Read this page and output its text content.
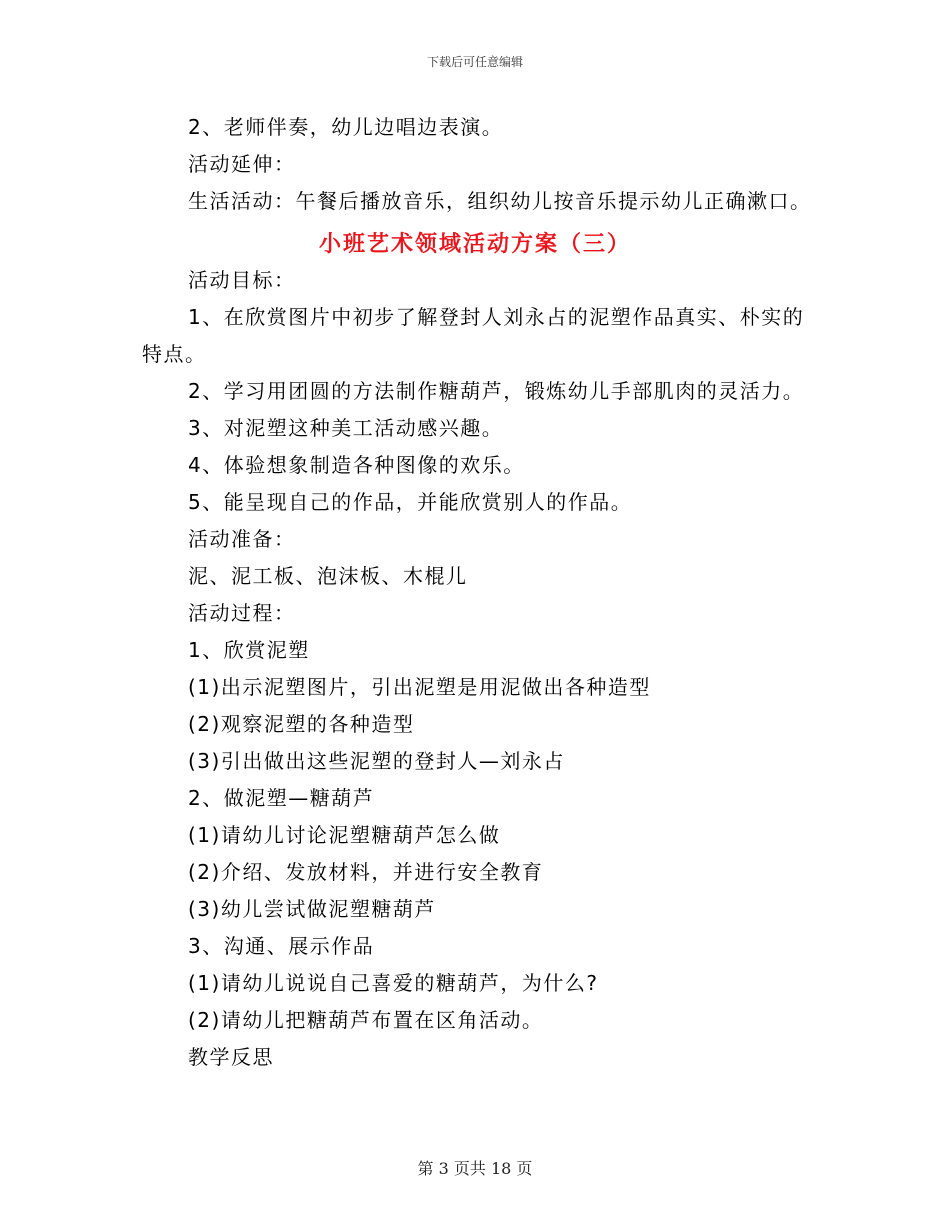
下载后可任意编辑
2、老师伴奏，幼儿边唱边表演。
活动延伸：
生活活动：午餐后播放音乐，组织幼儿按音乐提示幼儿正确漱口。
小班艺术领域活动方案（三）
活动目标：
1、在欣赏图片中初步了解登封人刘永占的泥塑作品真实、朴实的
特点。
2、学习用团圆的方法制作糖葫芦，锻炼幼儿手部肌肉的灵活力。
3、对泥塑这种美工活动感兴趣。
4、体验想象制造各种图像的欢乐。
5、能呈现自己的作品，并能欣赏别人的作品。
活动准备：
泥、泥工板、泡沫板、木棍儿
活动过程：
1、欣赏泥塑
(1)出示泥塑图片，引出泥塑是用泥做出各种造型
(2)观察泥塑的各种造型
(3)引出做出这些泥塑的登封人—刘永占
2、做泥塑—糖葫芦
(1)请幼儿讨论泥塑糖葫芦怎么做
(2)介绍、发放材料，并进行安全教育
(3)幼儿尝试做泥塑糖葫芦
3、沟通、展示作品
(1)请幼儿说说自己喜爱的糖葫芦，为什么?
(2)请幼儿把糖葫芦布置在区角活动。
教学反思
第 3 页共 18 页
